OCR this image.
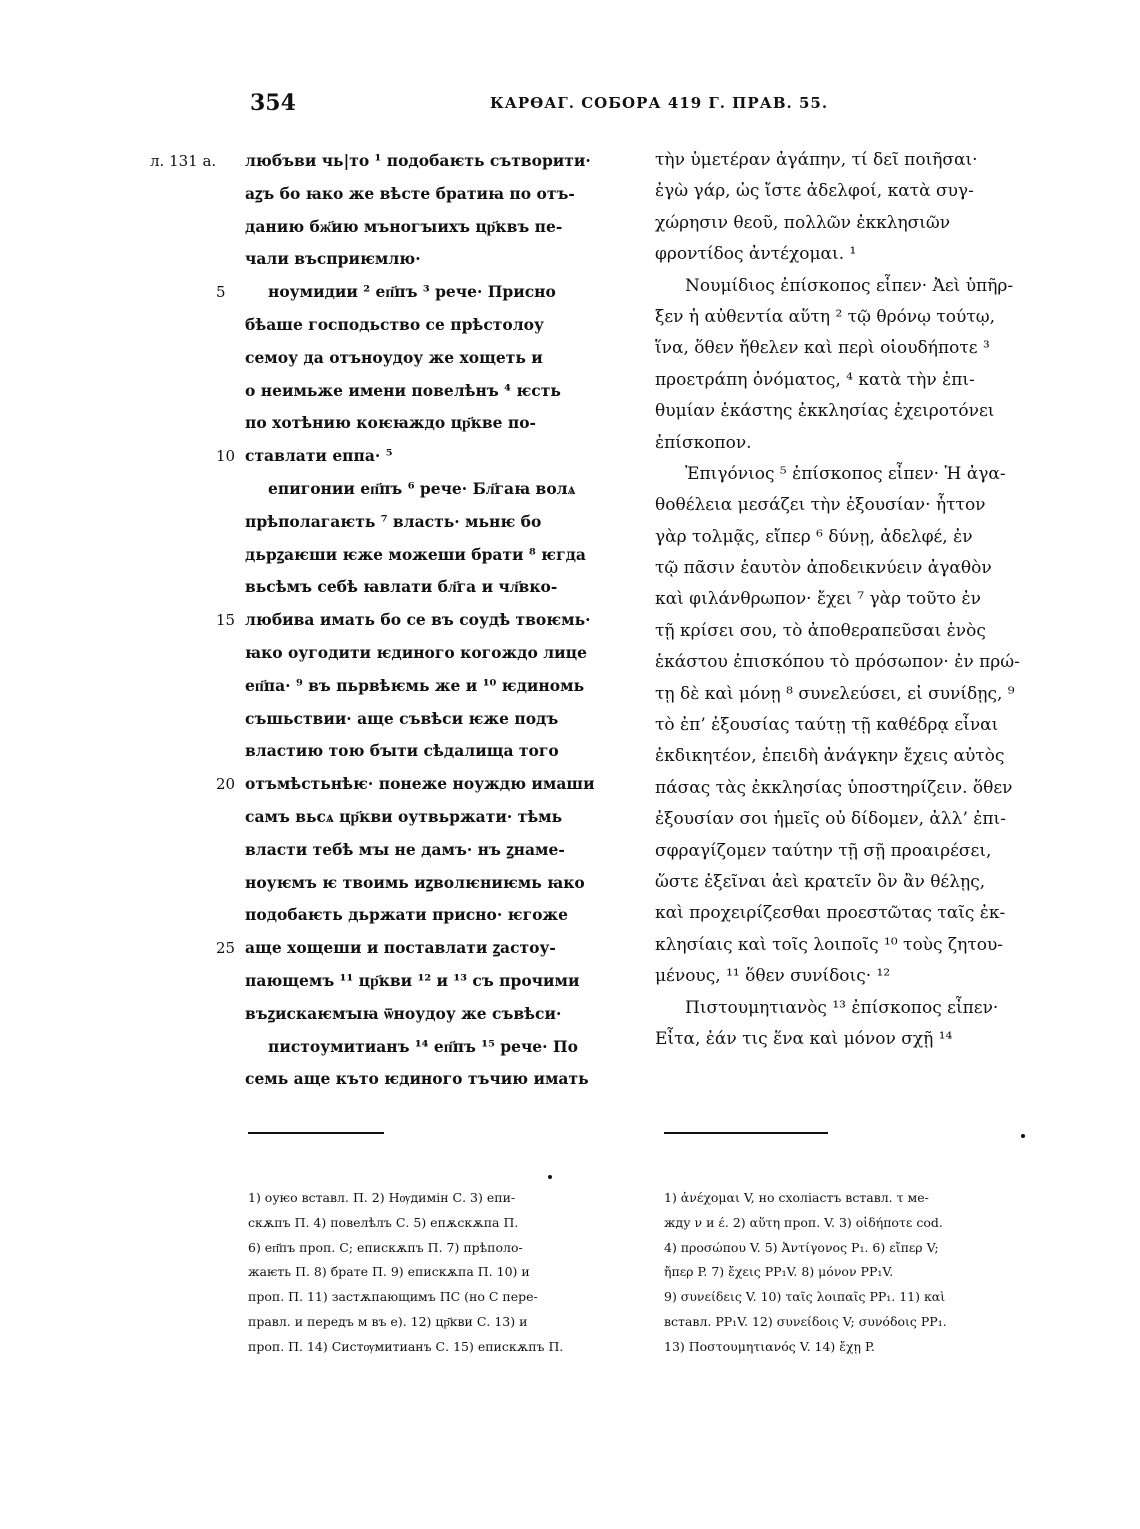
354	КАРѲАГ. СОБОРА 419 Г. ПРАВ. 55.
л. 131 а. любъви чь|то ¹ подобаѥть сътворити·
аꙁъ бо ꙗко же вѣсте братиꙗ по отъ-
данию бж҃ию мъногꙑихъ цр҃квъ пе-
чали въсприѥмлю·
5	ноумидии ² еп҃пъ ³ рече· Присно
бѣаше господьство се прѣстолоу
семоу да отъноудоу же хощеть и
о неимьже имени повелѣнъ ⁴ ѥсть
по хотѣнию коѥꙗждо цр҃кве по-
10 ставлати еппа· ⁵
епигонии еп҃пъ ⁶ рече· Бл҃гаꙗ волѧ
прѣполагаѥть ⁷ власть· мьнѥ бо
дьрꙁаѥши ѥже можеши брати ⁸ ѥгда
вьсѣмъ себѣ ꙗвлати бл҃га и чл҃вко-
15 любива имать бо се въ соудѣ твоѥмь·
ꙗко оугодити ѥдиного когождо лице
еп҃па· ⁹ въ пьрвѣѥмь же и ¹⁰ ѥдиномь
съшьствии· аще съвѣси ѥже подъ
властию тою бꙑти сѣдалища того
20 отъмѣстьнѣѥ· понеже ноуждю имаши
самъ вьсѧ цр҃кви оутвьржати· тѣмь
власти тебѣ мꙑ не дамъ· нъ ꙁнаме-
ноуѥмъ ѥ твоимь иꙁволѥниѥмь ꙗко
подобаѥть дьржати присно· ѥгоже
25 аще хощеши и поставлати ꙁастоу-
пающемъ ¹¹ цр҃кви ¹² и ¹³ съ прочими
въꙁискаѥмꙑꙗ ѿноудоу же съвѣси·
пистоумитианъ ¹⁴ еп҃пъ ¹⁵ рече· По
семь аще къто ѥдиного тъчию имать
τὴν ὑμετέραν ἀγάπην, τί δεῖ ποιῆσαι·
ἐγὼ γάρ, ὡς ἴστε ἀδελφοί, κατὰ συγ-
χώρησιν θεοῦ, πολλῶν ἐκκλησιῶν
φροντίδος ἀντέχομαι. ¹
Νουμίδιος ἐπίσκοπος εἶπεν· Ἀεὶ ὑπῆρ-
ξεν ἡ αὐθεντία αὕτη ² τῷ θρόνῳ τούτῳ,
ἵνα, ὅθεν ἤθελεν καὶ περὶ οἱουδήποτε ³
προετράπη ὀνόματος, ⁴ κατὰ τὴν ἐπι-
θυμίαν ἑκάστης ἐκκλησίας ἐχειροτόνει
ἐπίσκοπον.
Ἐπιγόνιος ⁵ ἐπίσκοπος εἶπεν· Ἡ ἀγα-
θοθέλεια μεσάζει τὴν ἐξουσίαν· ἧττον
γὰρ τολμᾷς, εἴπερ ⁶ δύνῃ, ἀδελφέ, ἐν
τῷ πᾶσιν ἑαυτὸν ἀποδεικνύειν ἀγαθὸν
καὶ φιλάνθρωπον· ἔχει ⁷ γὰρ τοῦτο ἐν
τῇ κρίσει σου, τὸ ἀποθεραπεῦσαι ἑνὸς
ἑκάστου ἐπισκόπου τὸ πρόσωπον· ἐν πρώ-
τῃ δὲ καὶ μόνῃ ⁸ συνελεύσει, εἰ συνίδῃς, ⁹
τὸ ἐπ’ ἐξουσίας ταύτῃ τῇ καθέδρᾳ εἶναι
ἐκδικητέον, ἐπειδὴ ἀνάγκην ἔχεις αὐτὸς
πάσας τὰς ἐκκλησίας ὑποστηρίζειν. ὅθεν
ἐξουσίαν σοι ἡμεῖς οὐ δίδομεν, ἀλλ’ ἐπι-
σφραγίζομεν ταύτην τῇ σῇ προαιρέσει,
ὥστε ἐξεῖναι ἀεὶ κρατεῖν ὃν ἂν θέλῃς,
καὶ προχειρίζεσθαι προεστῶτας ταῖς ἐκ-
κλησίαις καὶ τοῖς λοιποῖς ¹⁰ τοὺς ζητου-
μένους, ¹¹ ὅθεν συνίδοις· ¹²
Πιστουμητιανὸς ¹³ ἐπίσκοπος εἶπεν·
Εἶτα, ἐάν τις ἕνα καὶ μόνον σχῇ ¹⁴
1) оуѥо вставл. П. 2) Нѹдимін С. 3) епи-
скѫпъ П. 4) повелѣлъ С. 5) епѫскѫпа П.
6) еп҃пъ проп. С; епискѫпъ П. 7) прѣполо-
жаѥть П. 8) брате П. 9) епискѫпа П. 10) и
проп. П. 11) застѫпающимъ ПС (но С пере-
правл. и передъ м въ е). 12) цр҃кви С. 13) и
проп. П. 14) Систѹмитианъ С. 15) епискѫпъ П.
1) ἀνέχομαι V, но схоліастъ вставл. τ ме-
жду ν и έ. 2) αὕτη проп. V. 3) οἱδήποτε cod.
4) προσώπου V. 5) Ἀντίγονος P₁. 6) εἴπερ V;
ἤπερ P. 7) ἔχεις PP₁V. 8) μόνον PP₁V.
9) συνείδεις V. 10) ταῖς λοιπαῖς PP₁. 11) καὶ
вставл. PP₁V. 12) συνείδοις V; συνόδοις PP₁.
13) Ποστουμητιανός V. 14) ἔχῃ P.
